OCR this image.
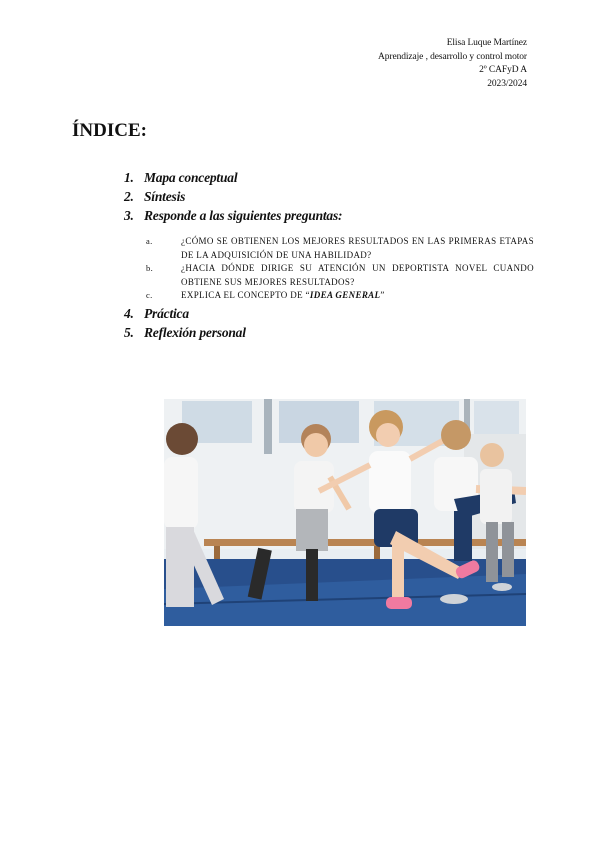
Elisa Luque Martínez
Aprendizaje , desarrollo y control motor
2º CAFyD A
2023/2024
ÍNDICE:
1. Mapa conceptual
2. Síntesis
3. Responde a las siguientes preguntas:
a.	¿CÓMO SE OBTIENEN LOS MEJORES RESULTADOS EN LAS PRIMERAS ETAPAS DE LA ADQUISICIÓN DE UNA HABILIDAD?
b.	¿HACIA DÓNDE DIRIGE SU ATENCIÓN UN DEPORTISTA NOVEL CUANDO OBTIENE SUS MEJORES RESULTADOS?
c.	EXPLICA EL CONCEPTO DE “IDEA GENERAL”
4. Práctica
5. Reflexión personal
